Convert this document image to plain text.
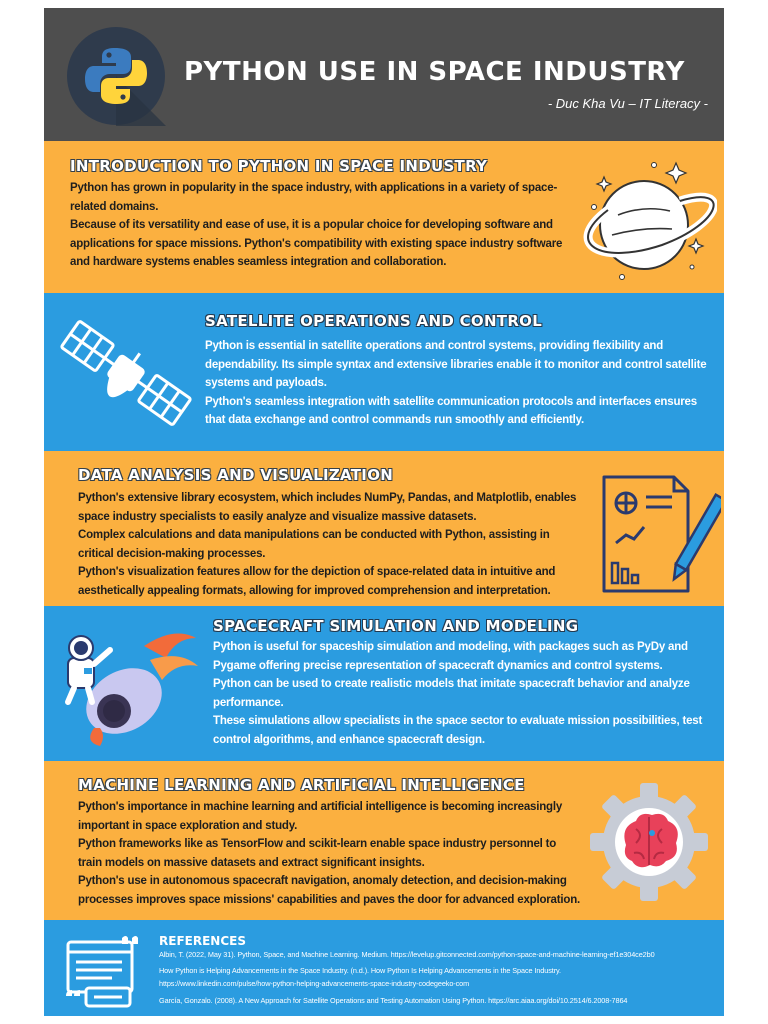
PYTHON USE IN SPACE INDUSTRY
- Duc Kha Vu – IT Literacy -
INTRODUCTION TO PYTHON IN SPACE INDUSTRY

Python has grown in popularity in the space industry, with applications in a variety of space-related domains.

Because of its versatility and ease of use, it is a popular choice for developing software and applications for space missions. Python's compatibility with existing space industry software and hardware systems enables seamless integration and collaboration.

SATELLITE OPERATIONS AND CONTROL

Python is essential in satellite operations and control systems, providing flexibility and dependability. Its simple syntax and extensive libraries enable it to monitor and control satellite systems and payloads.

Python's seamless integration with satellite communication protocols and interfaces ensures that data exchange and control commands run smoothly and efficiently.

DATA ANALYSIS AND VISUALIZATION

Python's extensive library ecosystem, which includes NumPy, Pandas, and Matplotlib, enables space industry specialists to easily analyze and visualize massive datasets.

Complex calculations and data manipulations can be conducted with Python, assisting in critical decision-making processes.

Python's visualization features allow for the depiction of space-related data in intuitive and aesthetically appealing formats, allowing for improved comprehension and interpretation.

SPACECRAFT SIMULATION AND MODELING

Python is useful for spaceship simulation and modeling, with packages such as PyDy and Pygame offering precise representation of spacecraft dynamics and control systems.

Python can be used to create realistic models that imitate spacecraft behavior and analyze performance.

These simulations allow specialists in the space sector to evaluate mission possibilities, test control algorithms, and enhance spacecraft design.

MACHINE LEARNING AND ARTIFICIAL INTELLIGENCE

Python's importance in machine learning and artificial intelligence is becoming increasingly important in space exploration and study.

Python frameworks like as TensorFlow and scikit-learn enable space industry personnel to train models on massive datasets and extract significant insights.

Python's use in autonomous spacecraft navigation, anomaly detection, and decision-making processes improves space missions' capabilities and paves the door for advanced exploration.

REFERENCES
Albin, T. (2022, May 31). Python, Space, and Machine Learning. Medium. https://levelup.gitconnected.com/python-space-and-machine-learning-ef1e304ce2b0
How Python is Helping Advancements in the Space Industry. (n.d.). How Python Is Helping Advancements in the Space Industry.
https://www.linkedin.com/pulse/how-python-helping-advancements-space-industry-codegeeko-com
García, Gonzalo. (2008). A New Approach for Satellite Operations and Testing Automation Using Python. https://arc.aiaa.org/doi/10.2514/6.2008-7864
